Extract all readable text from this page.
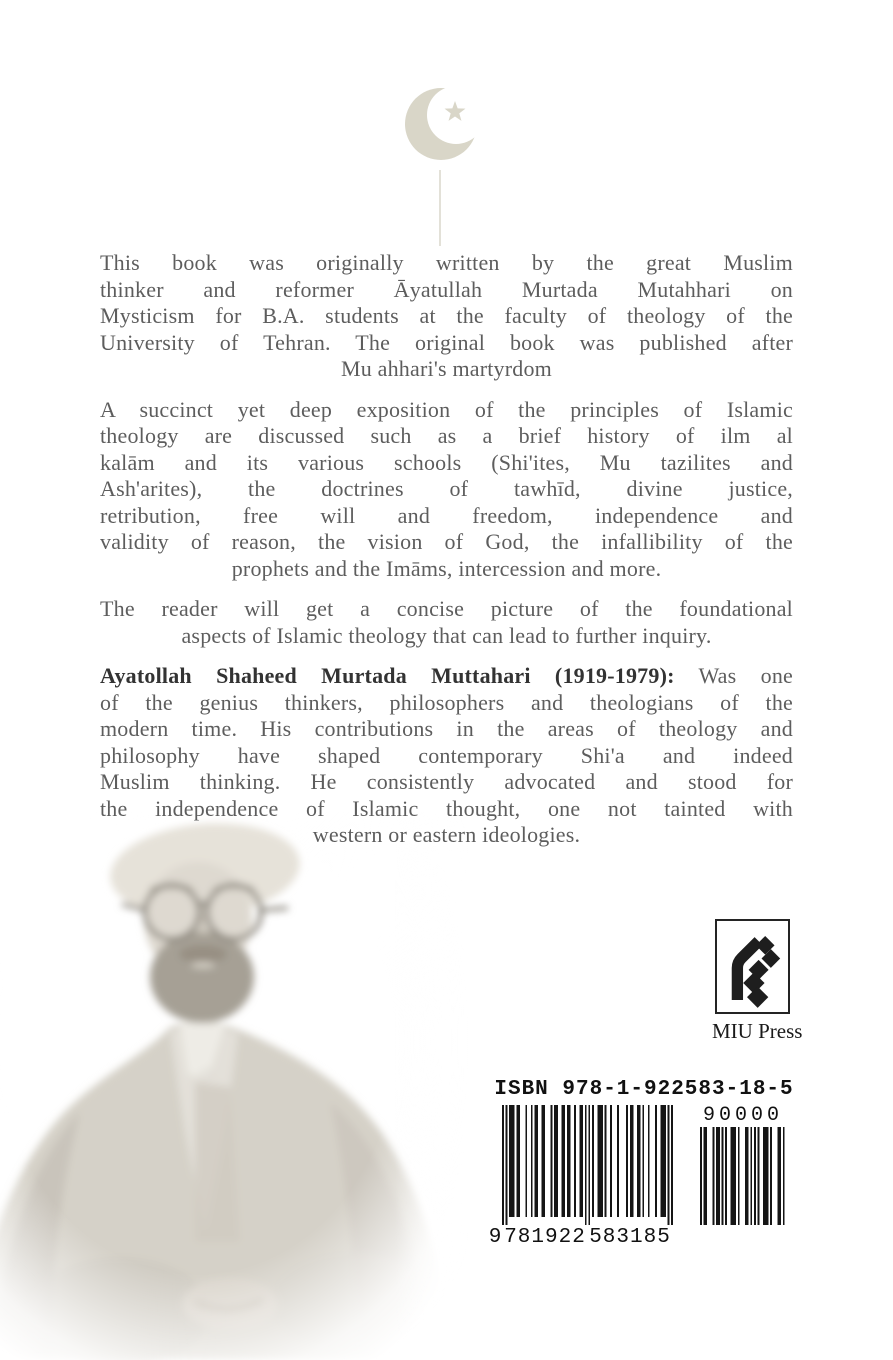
This book was originally written by the great Muslim
thinker and reformer Āyatullah Murtada Mutahhari on
Mysticism for B.A. students at the faculty of theology of the
University of Tehran. The original book was published after
Mu ahhari's martyrdom
A succinct yet deep exposition of the principles of Islamic
theology are discussed such as a brief history of ilm al
kalām and its various schools (Shi'ites, Mu tazilites and
Ash'arites), the doctrines of tawhīd, divine justice,
retribution, free will and freedom, independence and
validity of reason, the vision of God, the infallibility of the
prophets and the Imāms, intercession and more.
The reader will get a concise picture of the foundational
aspects of Islamic theology that can lead to further inquiry.
Ayatollah Shaheed Murtada Muttahari (1919-1979): Was one
of the genius thinkers, philosophers and theologians of the
modern time. His contributions in the areas of theology and
philosophy have shaped contemporary Shi'a and indeed
Muslim thinking. He consistently advocated and stood for
the independence of Islamic thought, one not tainted with
western or eastern ideologies.
MIU Press
ISBN 978-1-922583-18-5
9 781922 583185
90000
